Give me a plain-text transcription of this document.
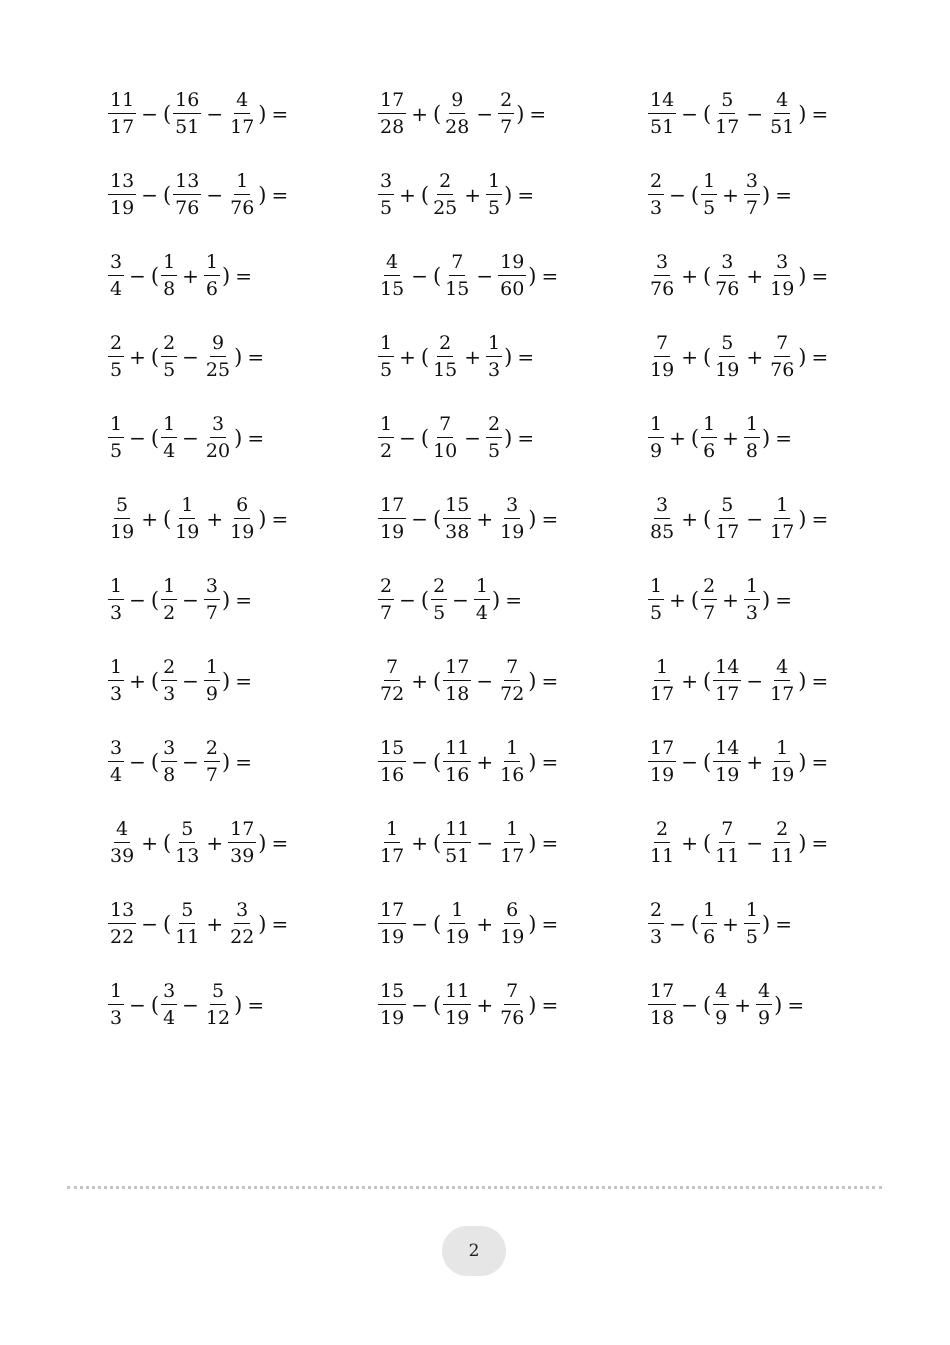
$\frac{11}{17}$ − ( $\frac{16}{51} - \frac{4}{17}$ ) =	$\frac{17}{28}$ + ( $\frac{9}{28} - \frac{2}{7}$ ) =	$\frac{14}{51}$ − ( $\frac{5}{17} - \frac{4}{51}$ ) =
$\frac{13}{19}$ − ( $\frac{13}{76} - \frac{1}{76}$ ) =	$\frac{3}{5}$ + ( $\frac{2}{25} + \frac{1}{5}$ ) =	$\frac{2}{3}$ − ( $\frac{1}{5} + \frac{3}{7}$ ) =
$\frac{3}{4}$ − ( $\frac{1}{8} + \frac{1}{6}$ ) =	$\frac{4}{15}$ − ( $\frac{7}{15} - \frac{19}{60}$ ) =	$\frac{3}{76}$ + ( $\frac{3}{76} + \frac{3}{19}$ ) =
$\frac{2}{5}$ + ( $\frac{2}{5} - \frac{9}{25}$ ) =	$\frac{1}{5}$ + ( $\frac{2}{15} + \frac{1}{3}$ ) =	$\frac{7}{19}$ + ( $\frac{5}{19} + \frac{7}{76}$ ) =
$\frac{1}{5}$ − ( $\frac{1}{4} - \frac{3}{20}$ ) =	$\frac{1}{2}$ − ( $\frac{7}{10} - \frac{2}{5}$ ) =	$\frac{1}{9}$ + ( $\frac{1}{6} + \frac{1}{8}$ ) =
$\frac{5}{19}$ + ( $\frac{1}{19} + \frac{6}{19}$ ) =	$\frac{17}{19}$ − ( $\frac{15}{38} + \frac{3}{19}$ ) =	$\frac{3}{85}$ + ( $\frac{5}{17} - \frac{1}{17}$ ) =
$\frac{1}{3}$ − ( $\frac{1}{2} - \frac{3}{7}$ ) =	$\frac{2}{7}$ − ( $\frac{2}{5} - \frac{1}{4}$ ) =	$\frac{1}{5}$ + ( $\frac{2}{7} + \frac{1}{3}$ ) =
$\frac{1}{3}$ + ( $\frac{2}{3} - \frac{1}{9}$ ) =	$\frac{7}{72}$ + ( $\frac{17}{18} - \frac{7}{72}$ ) =	$\frac{1}{17}$ + ( $\frac{14}{17} - \frac{4}{17}$ ) =
$\frac{3}{4}$ − ( $\frac{3}{8} - \frac{2}{7}$ ) =	$\frac{15}{16}$ − ( $\frac{11}{16} + \frac{1}{16}$ ) =	$\frac{17}{19}$ − ( $\frac{14}{19} + \frac{1}{19}$ ) =
$\frac{4}{39}$ + ( $\frac{5}{13} + \frac{17}{39}$ ) =	$\frac{1}{17}$ + ( $\frac{11}{51} - \frac{1}{17}$ ) =	$\frac{2}{11}$ + ( $\frac{7}{11} - \frac{2}{11}$ ) =
$\frac{13}{22}$ − ( $\frac{5}{11} + \frac{3}{22}$ ) =	$\frac{17}{19}$ − ( $\frac{1}{19} + \frac{6}{19}$ ) =	$\frac{2}{3}$ − ( $\frac{1}{6} + \frac{1}{5}$ ) =
$\frac{1}{3}$ − ( $\frac{3}{4} - \frac{5}{12}$ ) =	$\frac{15}{19}$ − ( $\frac{11}{19} + \frac{7}{76}$ ) =	$\frac{17}{18}$ − ( $\frac{4}{9} + \frac{4}{9}$ ) =
2
